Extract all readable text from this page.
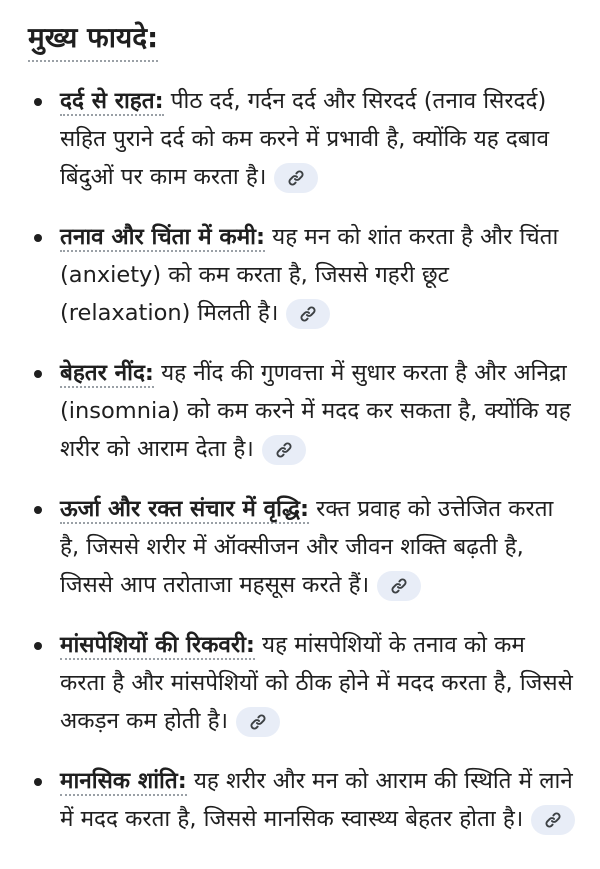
मुख्य फायदे:
दर्द से राहत: पीठ दर्द, गर्दन दर्द और सिरदर्द (तनाव सिरदर्द) सहित पुराने दर्द को कम करने में प्रभावी है, क्योंकि यह दबाव बिंदुओं पर काम करता है।
तनाव और चिंता में कमी: यह मन को शांत करता है और चिंता (anxiety) को कम करता है, जिससे गहरी छूट (relaxation) मिलती है।
बेहतर नींद: यह नींद की गुणवत्ता में सुधार करता है और अनिद्रा (insomnia) को कम करने में मदद कर सकता है, क्योंकि यह शरीर को आराम देता है।
ऊर्जा और रक्त संचार में वृद्धि: रक्त प्रवाह को उत्तेजित करता है, जिससे शरीर में ऑक्सीजन और जीवन शक्ति बढ़ती है, जिससे आप तरोताजा महसूस करते हैं।
मांसपेशियों की रिकवरी: यह मांसपेशियों के तनाव को कम करता है और मांसपेशियों को ठीक होने में मदद करता है, जिससे अकड़न कम होती है।
मानसिक शांति: यह शरीर और मन को आराम की स्थिति में लाने में मदद करता है, जिससे मानसिक स्वास्थ्य बेहतर होता है।
